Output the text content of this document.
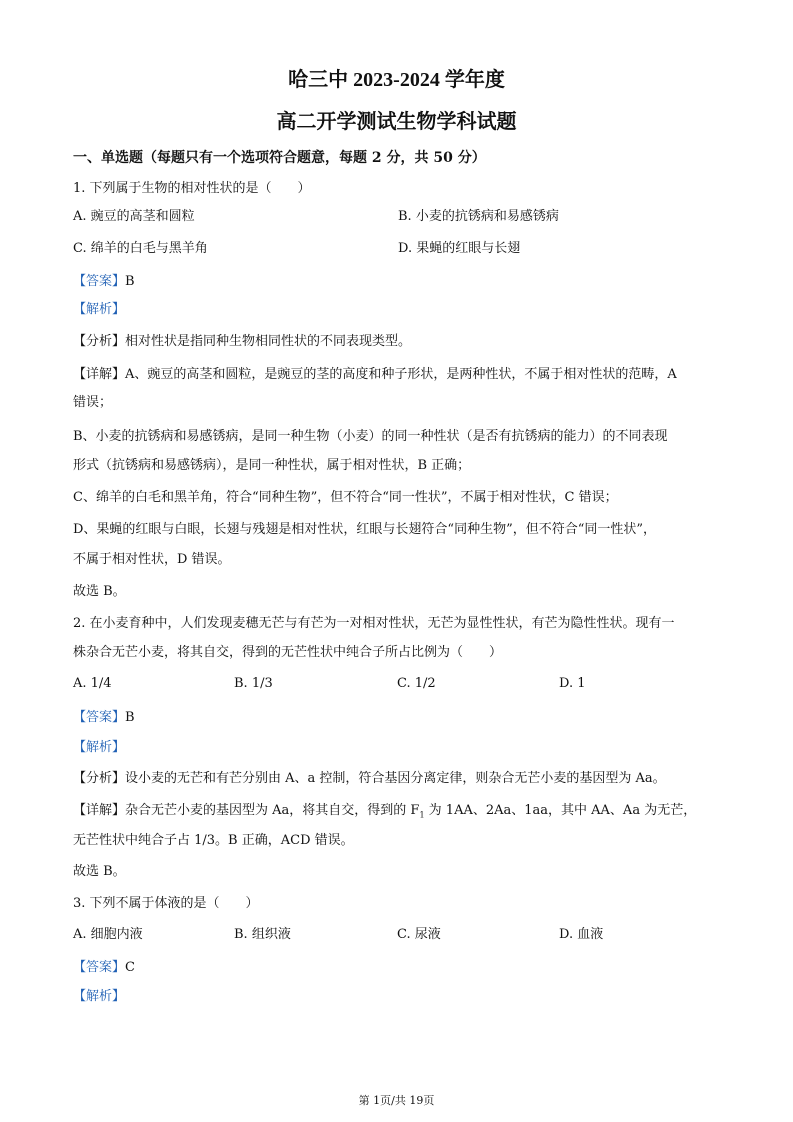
哈三中 2023-2024 学年度
高二开学测试生物学科试题
一、单选题（每题只有一个选项符合题意，每题 2 分，共 50 分）
1. 下列属于生物的相对性状的是（　　）
A. 豌豆的高茎和圆粒	B. 小麦的抗锈病和易感锈病
C. 绵羊的白毛与黑羊角	D. 果蝇的红眼与长翅
【答案】B
【解析】
【分析】相对性状是指同种生物相同性状的不同表现类型。
【详解】A、豌豆的高茎和圆粒，是豌豆的茎的高度和种子形状，是两种性状，不属于相对性状的范畴，A
错误；
B、小麦的抗锈病和易感锈病，是同一种生物（小麦）的同一种性状（是否有抗锈病的能力）的不同表现
形式（抗锈病和易感锈病），是同一种性状，属于相对性状，B 正确；
C、绵羊的白毛和黑羊角，符合“同种生物”，但不符合“同一性状”，不属于相对性状，C 错误；
D、果蝇的红眼与白眼，长翅与残翅是相对性状，红眼与长翅符合“同种生物”，但不符合“同一性状”，
不属于相对性状，D 错误。
故选 B。
2. 在小麦育种中，人们发现麦穗无芒与有芒为一对相对性状，无芒为显性性状，有芒为隐性性状。现有一
株杂合无芒小麦，将其自交，得到的无芒性状中纯合子所占比例为（　　）
A. 1/4	B. 1/3	C. 1/2	D. 1
【答案】B
【解析】
【分析】设小麦的无芒和有芒分别由 A、a 控制，符合基因分离定律，则杂合无芒小麦的基因型为 Aa。
【详解】杂合无芒小麦的基因型为 Aa，将其自交，得到的 $F_1$ 为 1AA、2Aa、1aa，其中 AA、Aa 为无芒，
无芒性状中纯合子占 1/3。B 正确，ACD 错误。
故选 B。
3. 下列不属于体液的是（　　）
A. 细胞内液	B. 组织液	C. 尿液	D. 血液
【答案】C
【解析】
第 1页/共 19页
